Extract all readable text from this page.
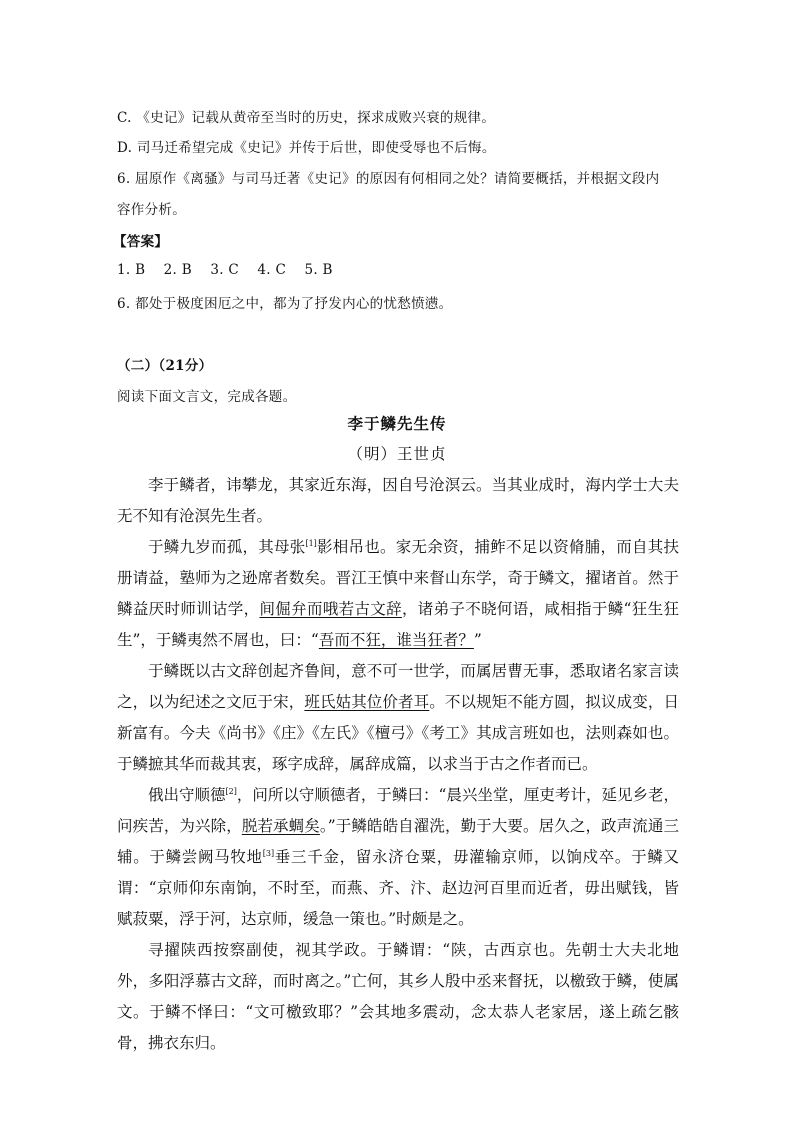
C. 《史记》记载从黄帝至当时的历史，探求成败兴衰的规律。
D. 司马迁希望完成《史记》并传于后世，即使受辱也不后悔。
6. 屈原作《离骚》与司马迁著《史记》的原因有何相同之处？请简要概括，并根据文段内
容作分析。
【答案】
1. B    2. B    3. C    4. C    5. B
6. 都处于极度困厄之中，都为了抒发内心的忧愁愤懑。
（二）（21分）
阅读下面文言文，完成各题。
李于鳞先生传
（明）王世贞

李于鳞者，讳攀龙，其家近东海，因自号沧溟云。当其业成时，海内学士大夫无不知有沧溟先生者。

于鳞九岁而孤，其母张[1]影相吊也。家无余资，捕鲊不足以资脩脯，而自其扶册请益，塾师为之逊席者数矣。晋江王慎中来督山东学，奇于鳞文，擢诸首。然于鳞益厌时师训诂学，间倔弁而哦若古文辞，诸弟子不晓何语，咸相指于鳞“狂生狂生”，于鳞夷然不屑也，曰：“吾而不狂，谁当狂者？”

于鳞既以古文辞创起齐鲁间，意不可一世学，而属居曹无事，悉取诸名家言读之，以为纪述之文厄于宋，班氏姑其位价者耳。不以规矩不能方圆，拟议成变，日新富有。今夫《尚书》《庄》《左氏》《檀弓》《考工》其成言班如也，法则森如也。于鳞摭其华而裁其衷，琢字成辞，属辞成篇，以求当于古之作者而已。

俄出守顺德[2]，问所以守顺德者，于鳞曰：“晨兴坐堂，厘吏考计，延见乡老，问疾苦，为兴除，脱若承蜩矣。”于鳞皓皓自濯洗，勤于大要。居久之，政声流通三辅。于鳞尝阙马牧地[3]垂三千金，留永济仓粟，毋灌输京师，以饷戍卒。于鳞又谓：“京师仰东南饷，不时至，而燕、齐、汴、赵边河百里而近者，毋出赋钱，皆赋菽粟，浮于河，达京师，缓急一策也。”时颇是之。

寻擢陕西按察副使，视其学政。于鳞谓：“陕，古西京也。先朝士大夫北地外，多阳浮慕古文辞，而时离之。”亡何，其乡人殷中丞来督抚，以檄致于鳞，使属文。于鳞不怿曰：“文可檄致耶？”会其地多震动，念太恭人老家居，遂上疏乞骸骨，拂衣东归。
